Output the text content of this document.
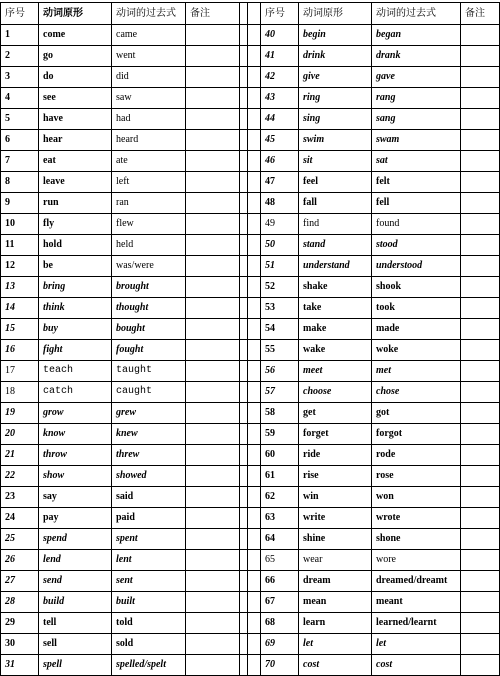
序号	动词原形	动词的过去式	备注			序号	动词原形	动词的过去式	备注
1	come	came				40	begin	began	
2	go	went				41	drink	drank	
3	do	did				42	give	gave	
4	see	saw				43	ring	rang	
5	have	had				44	sing	sang	
6	hear	heard				45	swim	swam	
7	eat	ate				46	sit	sat	
8	leave	left				47	feel	felt	
9	run	ran				48	fall	fell	
10	fly	flew				49	find	found	
11	hold	held				50	stand	stood	
12	be	was/were				51	understand	understood	
13	bring	brought				52	shake	shook	
14	think	thought				53	take	took	
15	buy	bought				54	make	made	
16	fight	fought				55	wake	woke	
17	teach	taught				56	meet	met	
18	catch	caught				57	choose	chose	
19	grow	grew				58	get	got	
20	know	knew				59	forget	forgot	
21	throw	threw				60	ride	rode	
22	show	showed				61	rise	rose	
23	say	said				62	win	won	
24	pay	paid				63	write	wrote	
25	spend	spent				64	shine	shone	
26	lend	lent				65	wear	wore	
27	send	sent				66	dream	dreamed/dreamt	
28	build	built				67	mean	meant	
29	tell	told				68	learn	learned/learnt	
30	sell	sold				69	let	let	
31	spell	spelled/spelt				70	cost	cost	
